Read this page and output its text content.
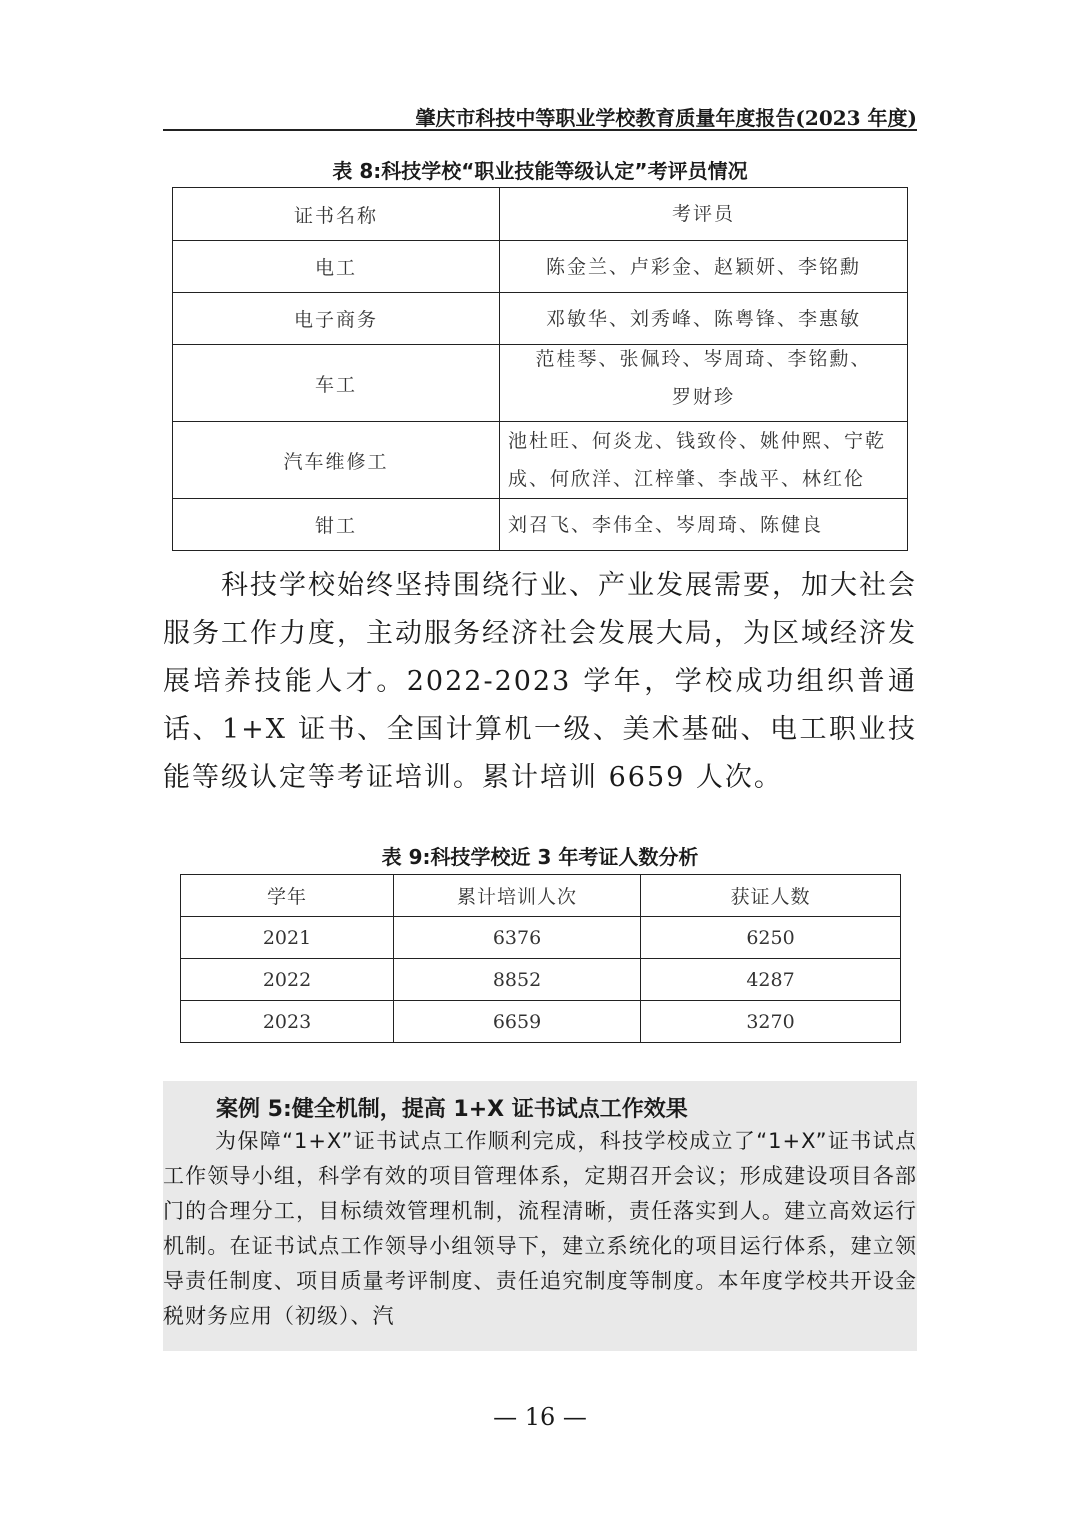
肇庆市科技中等职业学校教育质量年度报告(2023 年度)
表 8:科技学校“职业技能等级认定”考评员情况
证书名称	考评员
电工	陈金兰、卢彩金、赵颖妍、李铭勳

电子商务	邓敏华、刘秀峰、陈粤锋、李惠敏

车工	范桂琴、张佩玲、岑周琦、李铭勳、
罗财珍

汽车维修工	池杜旺、何炎龙、钱致伶、姚仲熙、宁乾
成、何欣洋、江梓肇、李战平、林红伦

钳工	刘召飞、李伟全、岑周琦、陈健良

科技学校始终坚持围绕行业、产业发展需要，加大社会服务工作力度，主动服务经济社会发展大局，为区域经济发展培养技能人才。2022-2023 学年，学校成功组织普通话、1+X 证书、全国计算机一级、美术基础、电工职业技能等级认定等考证培训。累计培训 6659 人次。

表 9:科技学校近 3 年考证人数分析
学年	累计培训人次	获证人数
2021	6376	6250
2022	8852	4287
2023	6659	3270
案例 5:健全机制，提高 1+X 证书试点工作效果

为保障“1+X”证书试点工作顺利完成，科技学校成立了“1+X”证书试点工作领导小组，科学有效的项目管理体系，定期召开会议；形成建设项目各部门的合理分工，目标绩效管理机制，流程清晰，责任落实到人。建立高效运行机制。在证书试点工作领导小组领导下，建立系统化的项目运行体系，建立领导责任制度、项目质量考评制度、责任追究制度等制度。本年度学校共开设金税财务应用（初级）、汽

— 16 —
